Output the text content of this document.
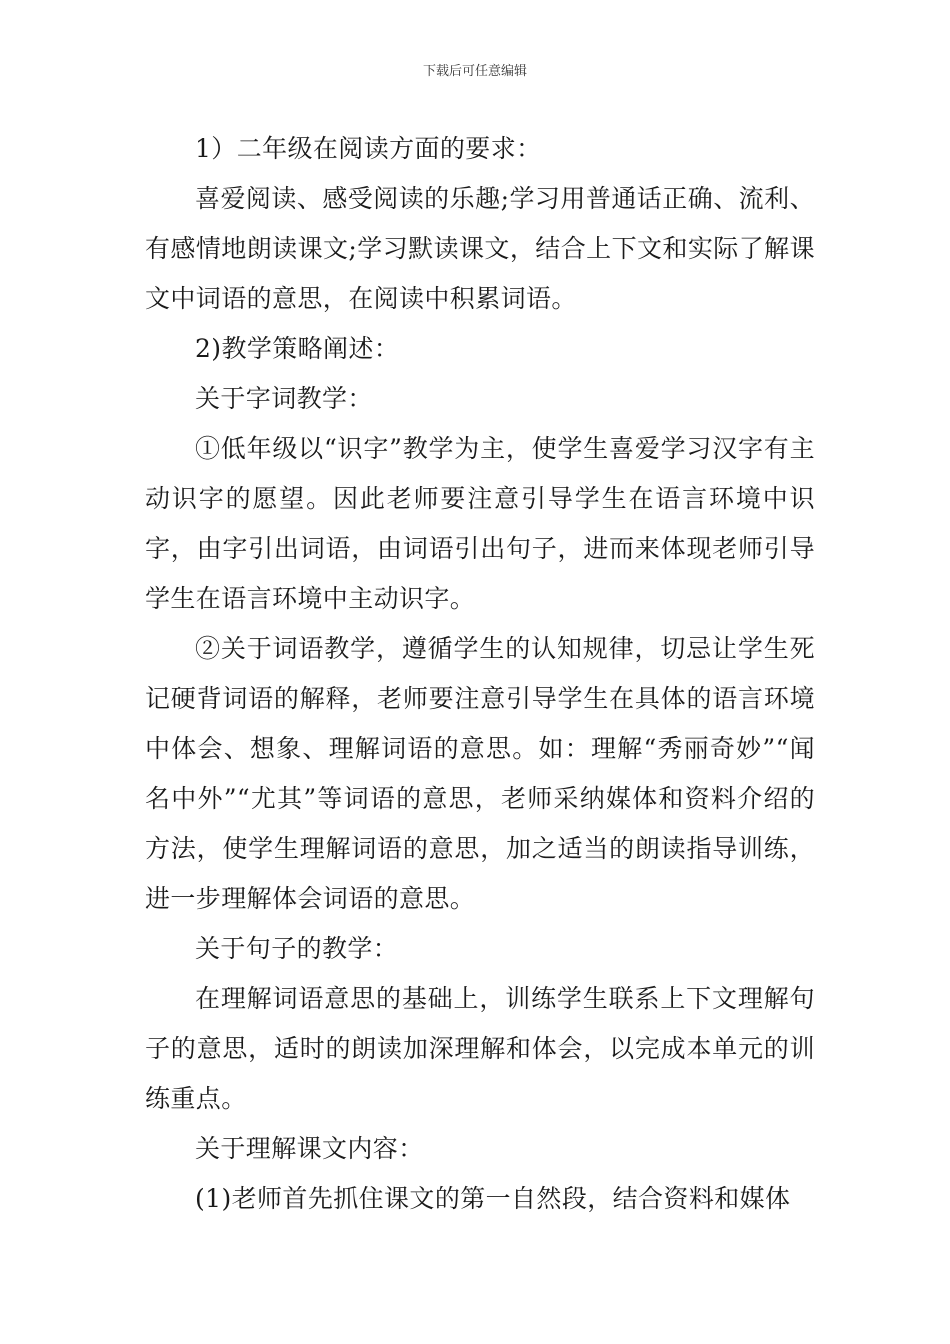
下载后可任意编辑

1）二年级在阅读方面的要求：

喜爱阅读、感受阅读的乐趣;学习用普通话正确、流利、有感情地朗读课文;学习默读课文，结合上下文和实际了解课文中词语的意思，在阅读中积累词语。

2)教学策略阐述：

关于字词教学：

①低年级以“识字”教学为主，使学生喜爱学习汉字有主动识字的愿望。因此老师要注意引导学生在语言环境中识字，由字引出词语，由词语引出句子，进而来体现老师引导学生在语言环境中主动识字。

②关于词语教学，遵循学生的认知规律，切忌让学生死记硬背词语的解释，老师要注意引导学生在具体的语言环境中体会、想象、理解词语的意思。如：理解“秀丽奇妙”“闻名中外”“尤其”等词语的意思，老师采纳媒体和资料介绍的方法，使学生理解词语的意思，加之适当的朗读指导训练，进一步理解体会词语的意思。

关于句子的教学：

在理解词语意思的基础上，训练学生联系上下文理解句子的意思，适时的朗读加深理解和体会，以完成本单元的训练重点。

关于理解课文内容：

(1)老师首先抓住课文的第一自然段，结合资料和媒体
